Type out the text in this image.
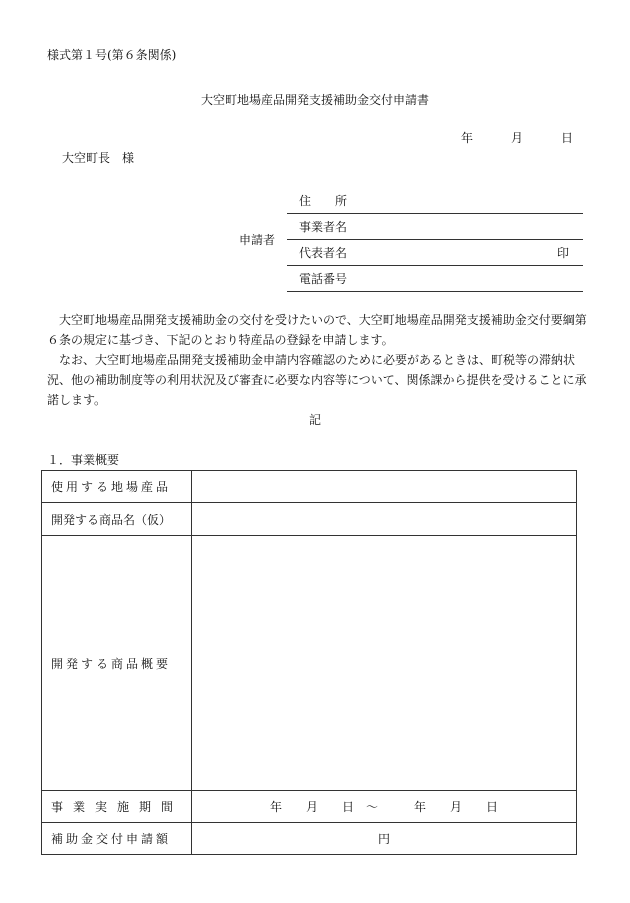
様式第１号(第６条関係)
大空町地場産品開発支援補助金交付申請書
年	月	日
大空町長　様
申請者
住　　所
事業者名
代表者名	印
電話番号

大空町地場産品開発支援補助金の交付を受けたいので、大空町地場産品開発支援補助金交付要綱第６条の規定に基づき、下記のとおり特産品の登録を申請します。

なお、大空町地場産品開発支援補助金申請内容確認のために必要があるときは、町税等の滞納状況、他の補助制度等の利用状況及び審査に必要な内容等について、関係課から提供を受けることに承諾します。

記
１．事業概要
使用する地場産品	
開発する商品名（仮）	
開発する商品概要	
事業実施期間	年　　月　　日　～　　　年　　月　　日
補助金交付申請額	円
